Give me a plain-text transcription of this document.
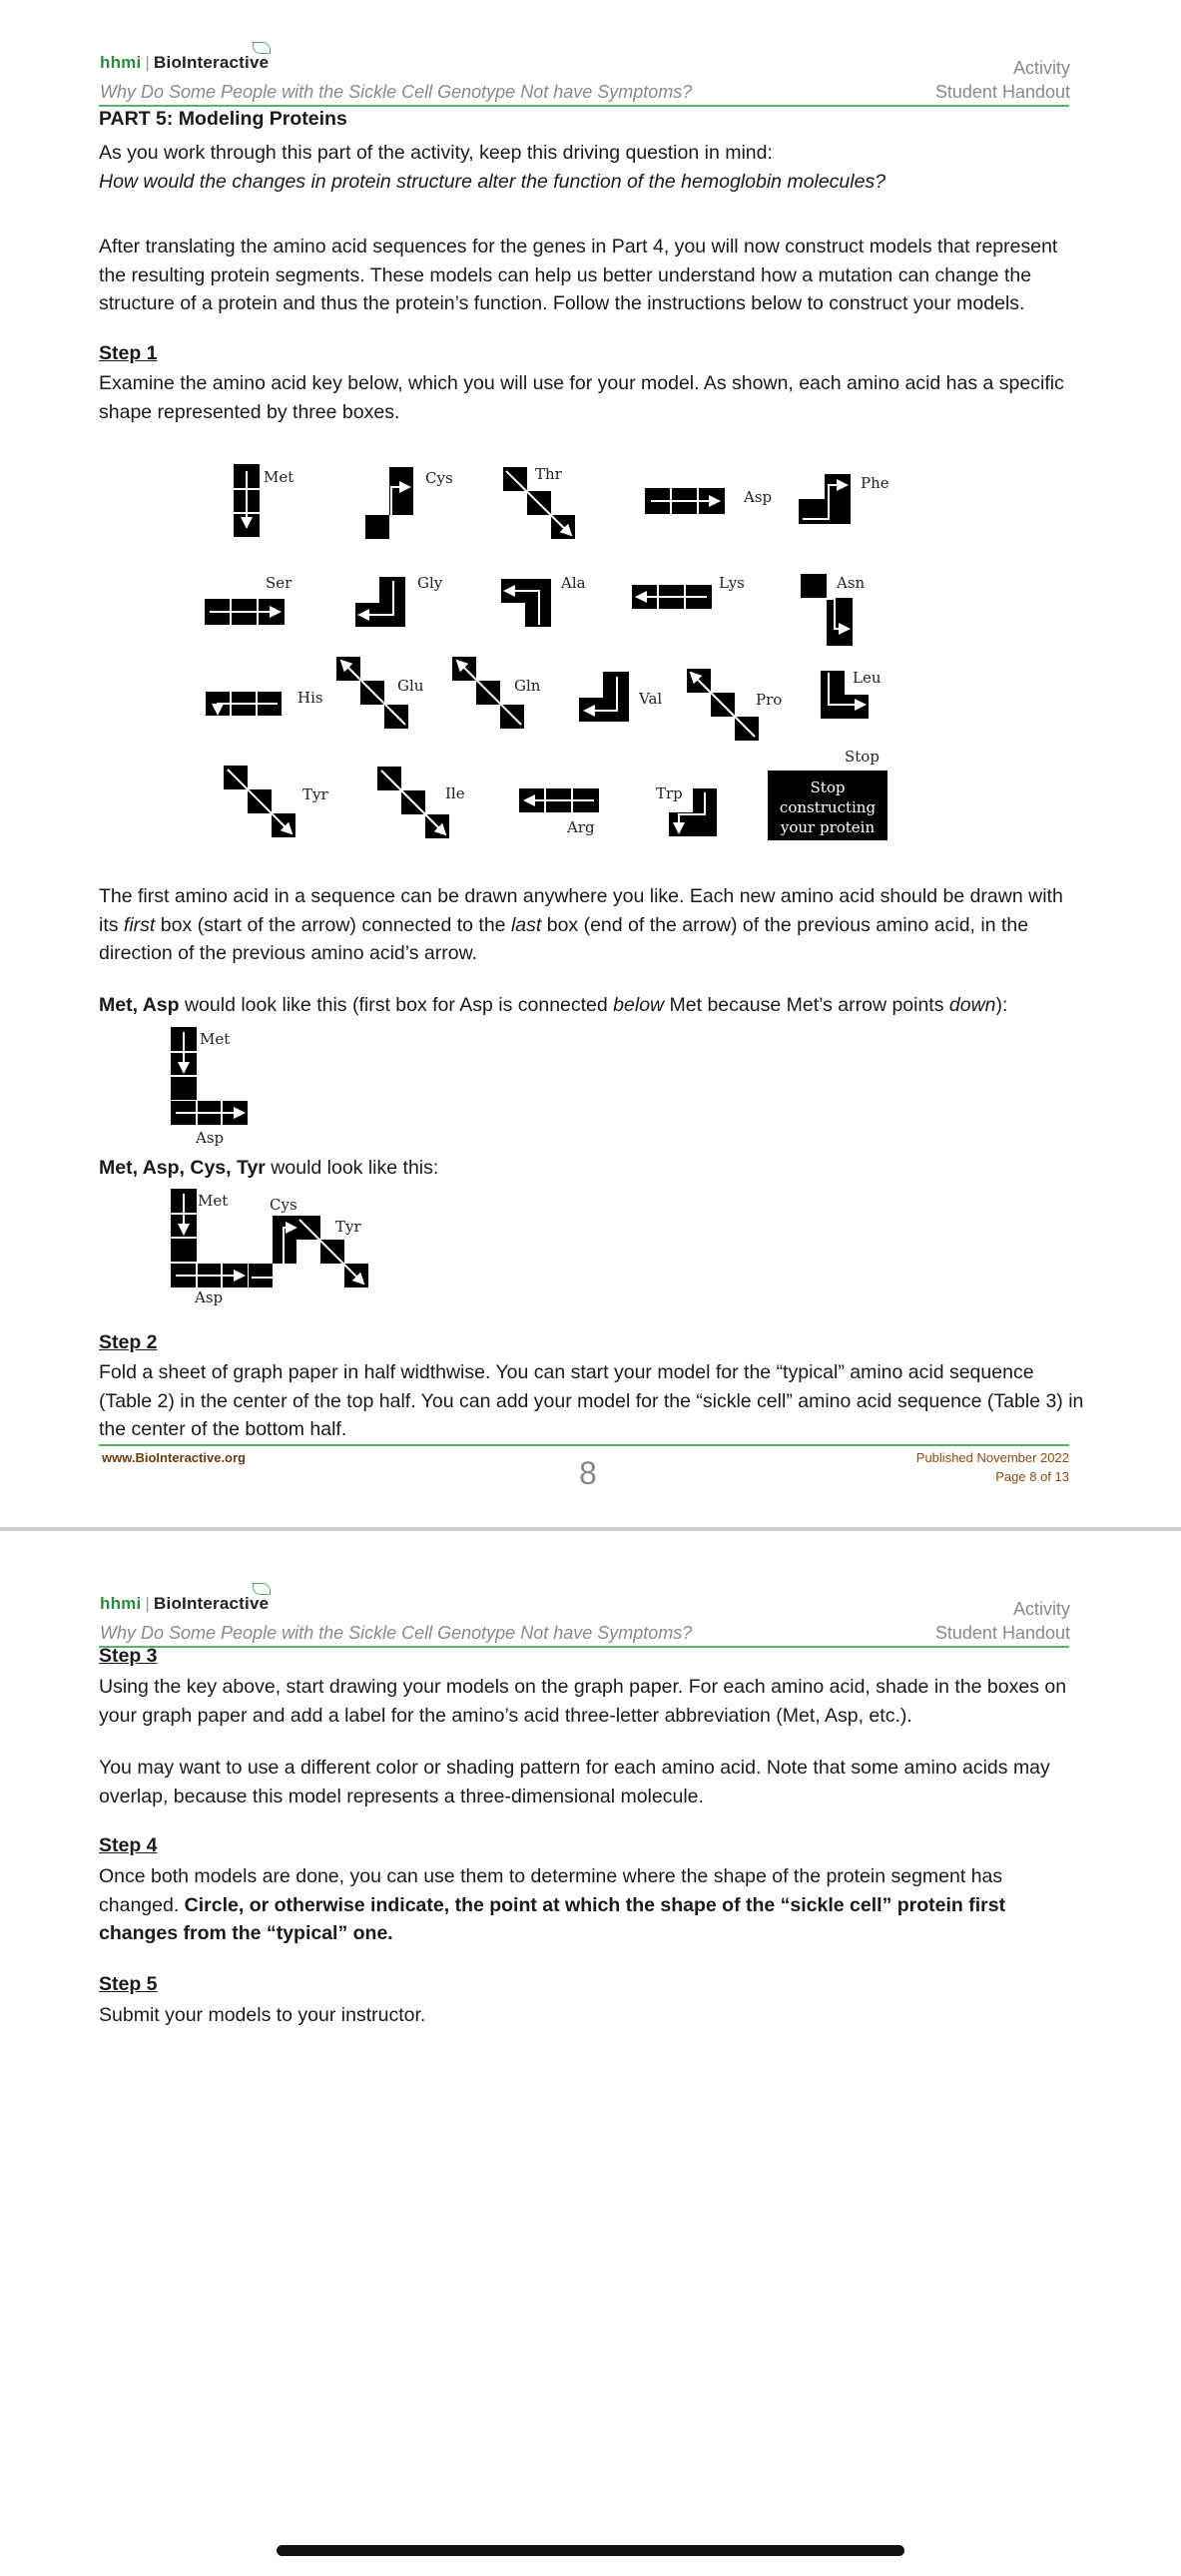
hhmi | BioInteractive	Activity
Student Handout
Why Do Some People with the Sickle Cell Genotype Not have Symptoms?
PART 5: Modeling Proteins
As you work through this part of the activity, keep this driving question in mind:
How would the changes in protein structure alter the function of the hemoglobin molecules?
After translating the amino acid sequences for the genes in Part 4, you will now construct models that represent the resulting protein segments. These models can help us better understand how a mutation can change the structure of a protein and thus the protein’s function. Follow the instructions below to construct your models.
Step 1
Examine the amino acid key below, which you will use for your model. As shown, each amino acid has a specific shape represented by three boxes.
Met	Cys	Thr
Asp
Phe
Ser	Gly	Ala	Lys	Asn
His
Glu	Gln
Val	Pro
Leu
Tyr	Ile
Arg
Trp
Stop
Stop
constructing
your protein
Met
Asp
Met	Cys
Tyr
Asp
The first amino acid in a sequence can be drawn anywhere you like. Each new amino acid should be drawn with
its first box (start of the arrow) connected to the last box (end of the arrow) of the previous amino acid, in the
direction of the previous amino acid’s arrow.
Met, Asp would look like this (first box for Asp is connected below Met because Met’s arrow points down):
Met, Asp, Cys, Tyr would look like this:
Step 2
Fold a sheet of graph paper in half widthwise. You can start your model for the “typical” amino acid sequence (Table 2) in the center of the top half. You can add your model for the “sickle cell” amino acid sequence (Table 3) in the center of the bottom half.
www.BioInteractive.org	8	Published November 2022
Page 8 of 13
hhmi | BioInteractive	Activity
Student Handout
Why Do Some People with the Sickle Cell Genotype Not have Symptoms?
Step 3
Using the key above, start drawing your models on the graph paper. For each amino acid, shade in the boxes on your graph paper and add a label for the amino’s acid three-letter abbreviation (Met, Asp, etc.).
You may want to use a different color or shading pattern for each amino acid. Note that some amino acids may overlap, because this model represents a three-dimensional molecule.
Step 4
Once both models are done, you can use them to determine where the shape of the protein segment has changed. Circle, or otherwise indicate, the point at which the shape of the “sickle cell” protein first changes from the “typical” one.
Step 5
Submit your models to your instructor.
